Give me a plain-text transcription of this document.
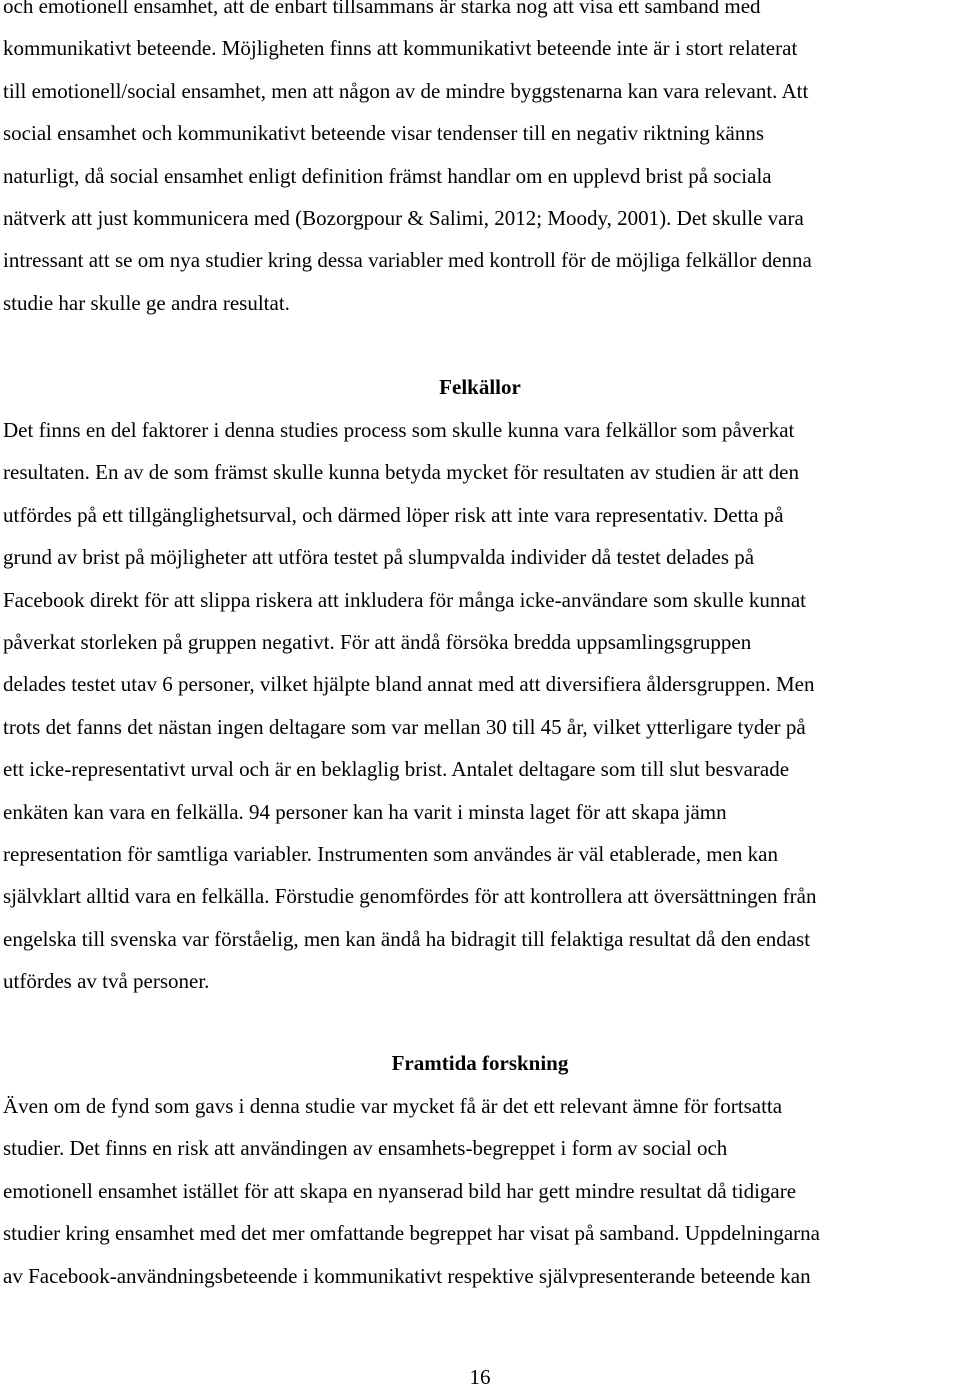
och emotionell ensamhet, att de enbart tillsammans är starka nog att visa ett samband med
kommunikativt beteende. Möjligheten finns att kommunikativt beteende inte är i stort relaterat
till emotionell/social ensamhet, men att någon av de mindre byggstenarna kan vara relevant. Att
social ensamhet och kommunikativt beteende visar tendenser till en negativ riktning känns
naturligt, då social ensamhet enligt definition främst handlar om en upplevd brist på sociala
nätverk att just kommunicera med (Bozorgpour & Salimi, 2012; Moody, 2001). Det skulle vara
intressant att se om nya studier kring dessa variabler med kontroll för de möjliga felkällor denna
studie har skulle ge andra resultat.
Felkällor
Det finns en del faktorer i denna studies process som skulle kunna vara felkällor som påverkat
resultaten. En av de som främst skulle kunna betyda mycket för resultaten av studien är att den
utfördes på ett tillgänglighetsurval, och därmed löper risk att inte vara representativ. Detta på
grund av brist på möjligheter att utföra testet på slumpvalda individer då testet delades på
Facebook direkt för att slippa riskera att inkludera för många icke-användare som skulle kunnat
påverkat storleken på gruppen negativt. För att ändå försöka bredda uppsamlingsgruppen
delades testet utav 6 personer, vilket hjälpte bland annat med att diversifiera åldersgruppen. Men
trots det fanns det nästan ingen deltagare som var mellan 30 till 45 år, vilket ytterligare tyder på
ett icke-representativt urval och är en beklaglig brist. Antalet deltagare som till slut besvarade
enkäten kan vara en felkälla. 94 personer kan ha varit i minsta laget för att skapa jämn
representation för samtliga variabler. Instrumenten som användes är väl etablerade, men kan
självklart alltid vara en felkälla. Förstudie genomfördes för att kontrollera att översättningen från
engelska till svenska var förståelig, men kan ändå ha bidragit till felaktiga resultat då den endast
utfördes av två personer.
Framtida forskning
Även om de fynd som gavs i denna studie var mycket få är det ett relevant ämne för fortsatta
studier. Det finns en risk att användingen av ensamhets-begreppet i form av social och
emotionell ensamhet istället för att skapa en nyanserad bild har gett mindre resultat då tidigare
studier kring ensamhet med det mer omfattande begreppet har visat på samband. Uppdelningarna
av Facebook-användningsbeteende i kommunikativt respektive självpresenterande beteende kan
16
